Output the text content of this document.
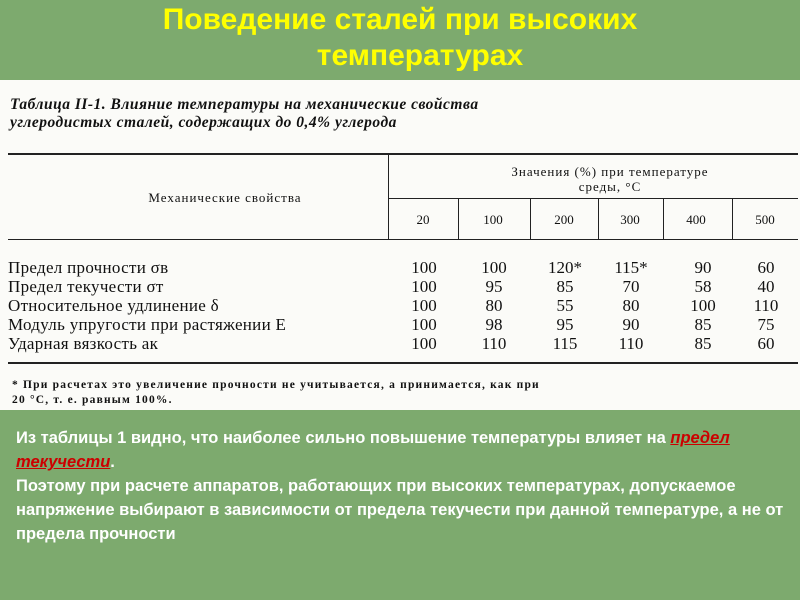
Поведение сталей при высоких
температурах
Таблица II-1. Влияние температуры на механические свойства
углеродистых сталей, содержащих до 0,4% углерода
Механические свойства
Значения (%) при температуре
среды, °С
20	100	200	300	400	500
Предел прочности σв	100	100	120*	115*	90	60
Предел текучести σт	100	95	85	70	58	40
Относительное удлинение δ	100	80	55	80	100	110
Модуль упругости при растяжении E	100	98	95	90	85	75
Ударная вязкость aк	100	110	115	110	85	60
* При расчетах это увеличение прочности не учитывается, а принимается, как при
20 °С, т. е. равным 100%.
Из таблицы 1 видно, что наиболее сильно повышение температуры влияет на предел текучести.
Поэтому при расчете аппаратов, работающих при высоких температурах, допускаемое напряжение выбирают в зависимости от предела текучести при данной температуре, а не от предела прочности
